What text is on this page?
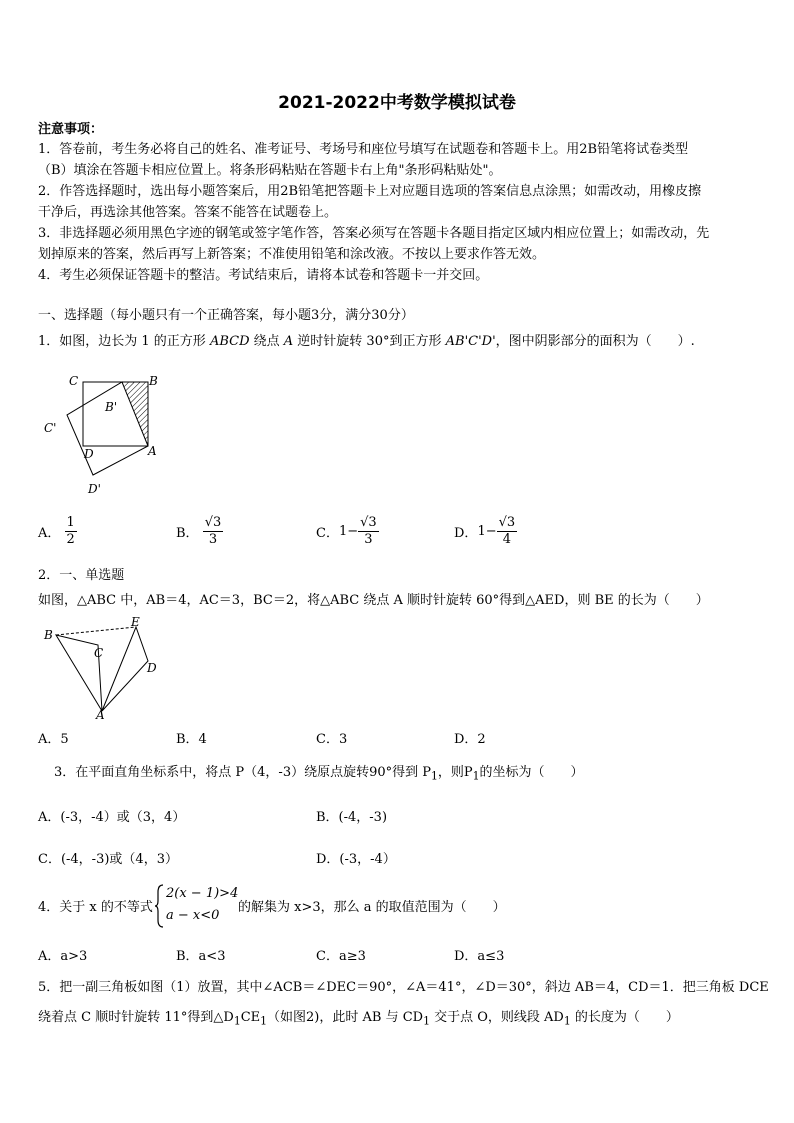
2021-2022中考数学模拟试卷
注意事项：
1．答卷前，考生务必将自己的姓名、准考证号、考场号和座位号填写在试题卷和答题卡上。用2B铅笔将试卷类型
（B）填涂在答题卡相应位置上。将条形码粘贴在答题卡右上角"条形码粘贴处"。
2．作答选择题时，选出每小题答案后，用2B铅笔把答题卡上对应题目选项的答案信息点涂黑；如需改动，用橡皮擦
干净后，再选涂其他答案。答案不能答在试题卷上。
3．非选择题必须用黑色字迹的钢笔或签字笔作答，答案必须写在答题卡各题目指定区域内相应位置上；如需改动，先
划掉原来的答案，然后再写上新答案；不准使用铅笔和涂改液。不按以上要求作答无效。
4．考生必须保证答题卡的整洁。考试结束后，请将本试卷和答题卡一并交回。
一、选择题（每小题只有一个正确答案，每小题3分，满分30分）
1．如图，边长为 1 的正方形 ABCD 绕点 A 逆时针旋转 30°到正方形 AB'C'D'，图中阴影部分的面积为（　　）.
C	B
B'
C'
D	A
D'
A． $\frac{1}{2}$	B． $\frac{√3}{3}$	C．$1- \frac{√3}{3}$	D．$1- \frac{√3}{4}$
2．一、单选题
如图，△ABC 中，AB＝4，AC＝3，BC＝2，将△ABC 绕点 A 顺时针旋转 60°得到△AED，则 BE 的长为（　　）
B
E
C
D
A
A．5	B．4	C．3	D．2
3．在平面直角坐标系中，将点 P（4，-3）绕原点旋转90°得到 $P_1$，则$P_1$的坐标为（　　）
A．(-3，-4）或（3，4）	B．(-4，-3)
C．(-4，-3)或（4，3）	D．(-3，-4）
4．关于 x 的不等式
2(x − 1)>4
a − x<0
的解集为 x>3，那么 a 的取值范围为（　　）
A．a>3	B．a<3	C．a≥3	D．a≤3
5．把一副三角板如图（1）放置，其中∠ACB＝∠DEC＝90°，∠A＝41°，∠D＝30°，斜边 AB＝4，CD＝1．把三角板 DCE
绕着点 C 顺时针旋转 11°得到$\triangle D_1CE_1$（如图2)，此时 AB 与 $CD_1$ 交于点 O，则线段 $AD_1$ 的长度为（　　）
